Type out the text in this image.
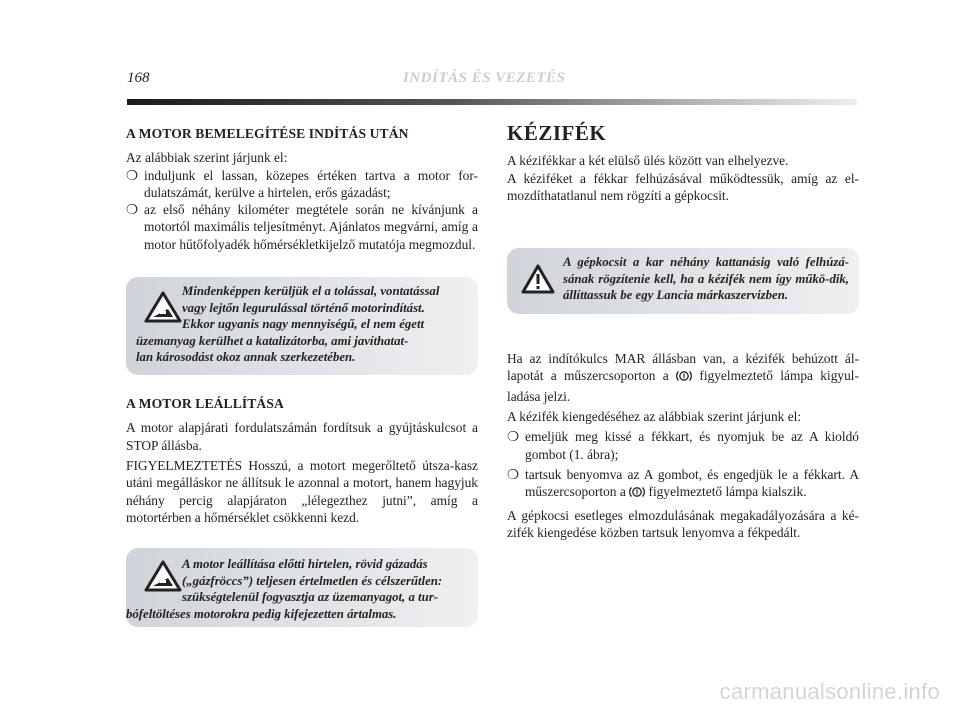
168	INDÍTÁS ÉS VEZETÉS
A MOTOR BEMELEGÍTÉSE INDÍTÁS UTÁN

Az alábbiak szerint járjunk el:

❍ induljunk el lassan, közepes értéken tartva a motor for-dulatszámát, kerülve a hirtelen, erős gázadást;
❍ az első néhány kilométer megtétele során ne kívánjunk a motortól maximális teljesítményt. Ajánlatos megvárni, amíg a motor hűtőfolyadék hőmérsékletkijelző mutatója megmozdul.
Mindenképpen kerüljük el a tolással, vontatással
vagy lejtőn legurulással történő motorindítást.
Ekkor ugyanis nagy mennyiségű, el nem égett
üzemanyag kerülhet a katalizátorba, ami javíthatat-
lan károsodást okoz annak szerkezetében.
A MOTOR LEÁLLÍTÁSA

A motor alapjárati fordulatszámán fordítsuk a gyújtáskulcsot a STOP állásba.

FIGYELMEZTETÉS Hosszú, a motort megerőltető útsza-kasz utáni megálláskor ne állítsuk le azonnal a motort, hanem hagyjuk néhány percig alapjáraton „lélegezthez jutni”, amíg a motortérben a hőmérséklet csökkenni kezd.

A motor leállítása előtti hirtelen, rövid gázadás
(„gázfröccs”) teljesen értelmetlen és célszerűtlen:
szükségtelenül fogyasztja az üzemanyagot, a tur-
bófeltöltéses motorokra pedig kifejezetten ártalmas.
KÉZIFÉK

A kézifékkar a két elülső ülés között van elhelyezve.

A kéziféket a fékkar felhúzásával működtessük, amíg az el-mozdíthatatlanul nem rögzíti a gépkocsit.

A gépkocsit a kar néhány kattanásig való felhúzá-sának rögzítenie kell, ha a kézifék nem így műkö-dik, állíttassuk be egy Lancia márkaszervizben.

Ha az indítókulcs MAR állásban van, a kézifék behúzott ál-lapotát a műszercsoporton a ! figyelmeztető lámpa kigyul-ladása jelzi.

A kézifék kiengedéséhez az alábbiak szerint járjunk el:

❍ emeljük meg kissé a fékkart, és nyomjuk be az A kioldó gombot (1. ábra);
❍ tartsuk benyomva az A gombot, és engedjük le a fékkart. A műszercsoporton a ! figyelmeztető lámpa kialszik.

A gépkocsi esetleges elmozdulásának megakadályozására a ké-zifék kiengedése közben tartsuk lenyomva a fékpedált.

carmanualsonline.info
